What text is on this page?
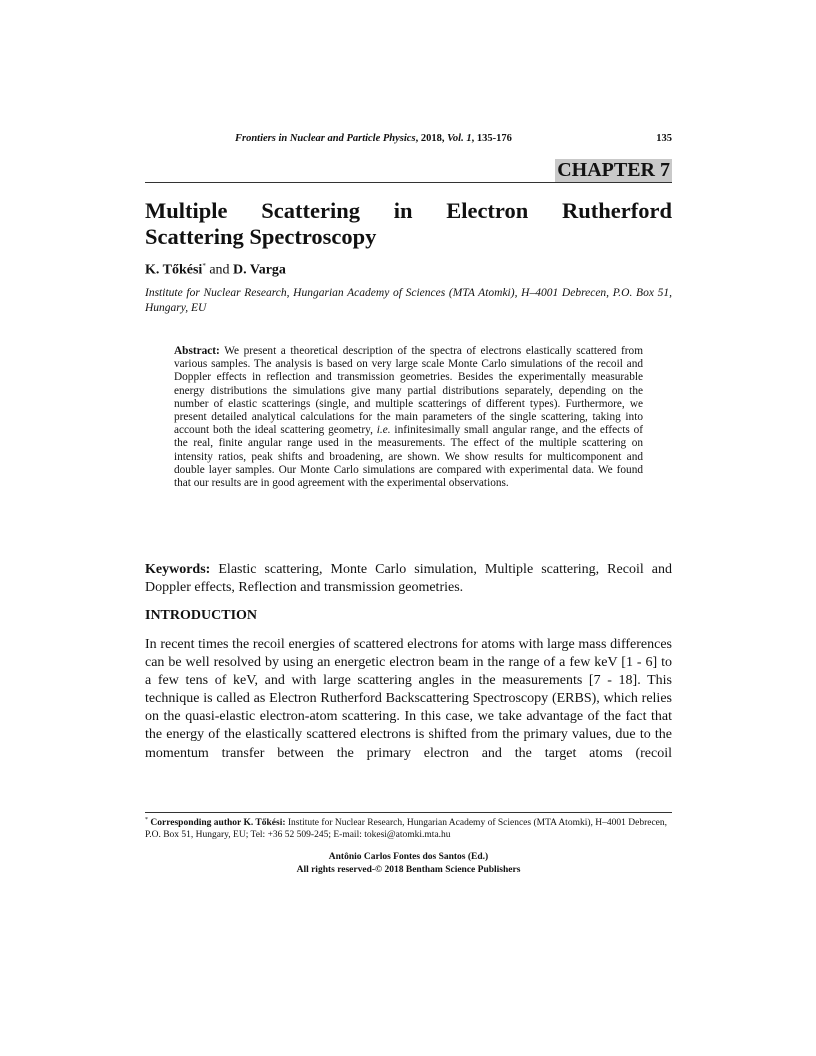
Frontiers in Nuclear and Particle Physics, 2018, Vol. 1, 135-176	135
CHAPTER 7
Multiple Scattering in Electron Rutherford
Scattering Spectroscopy
K. Tőkési* and D. Varga
Institute for Nuclear Research, Hungarian Academy of Sciences (MTA Atomki), H–4001 Debrecen, P.O. Box 51, Hungary, EU
Abstract: We present a theoretical description of the spectra of electrons elastically scattered from various samples. The analysis is based on very large scale Monte Carlo simulations of the recoil and Doppler effects in reflection and transmission geometries. Besides the experimentally measurable energy distributions the simulations give many partial distributions separately, depending on the number of elastic scatterings (single, and multiple scatterings of different types). Furthermore, we present detailed analytical calculations for the main parameters of the single scattering, taking into account both the ideal scattering geometry, i.e. infinitesimally small angular range, and the effects of the real, finite angular range used in the measurements. The effect of the multiple scattering on intensity ratios, peak shifts and broadening, are shown. We show results for multicomponent and double layer samples. Our Monte Carlo simulations are compared with experimental data. We found that our results are in good agreement with the experimental observations.
Keywords: Elastic scattering, Monte Carlo simulation, Multiple scattering, Recoil and Doppler effects, Reflection and transmission geometries.
INTRODUCTION
In recent times the recoil energies of scattered electrons for atoms with large mass differences can be well resolved by using an energetic electron beam in the range of a few keV [1 - 6] to a few tens of keV, and with large scattering angles in the measurements [7 - 18]. This technique is called as Electron Rutherford Backscattering Spectroscopy (ERBS), which relies on the quasi-elastic electron-atom scattering. In this case, we take advantage of the fact that the energy of the elastically scattered electrons is shifted from the primary values, due to the momentum transfer between the primary electron and the target atoms (recoil
* Corresponding author K. Tőkési: Institute for Nuclear Research, Hungarian Academy of Sciences (MTA Atomki), H–4001 Debrecen, P.O. Box 51, Hungary, EU; Tel: +36 52 509-245; E-mail: tokesi@atomki.mta.hu
Antônio Carlos Fontes dos Santos (Ed.)
All rights reserved-© 2018 Bentham Science Publishers
